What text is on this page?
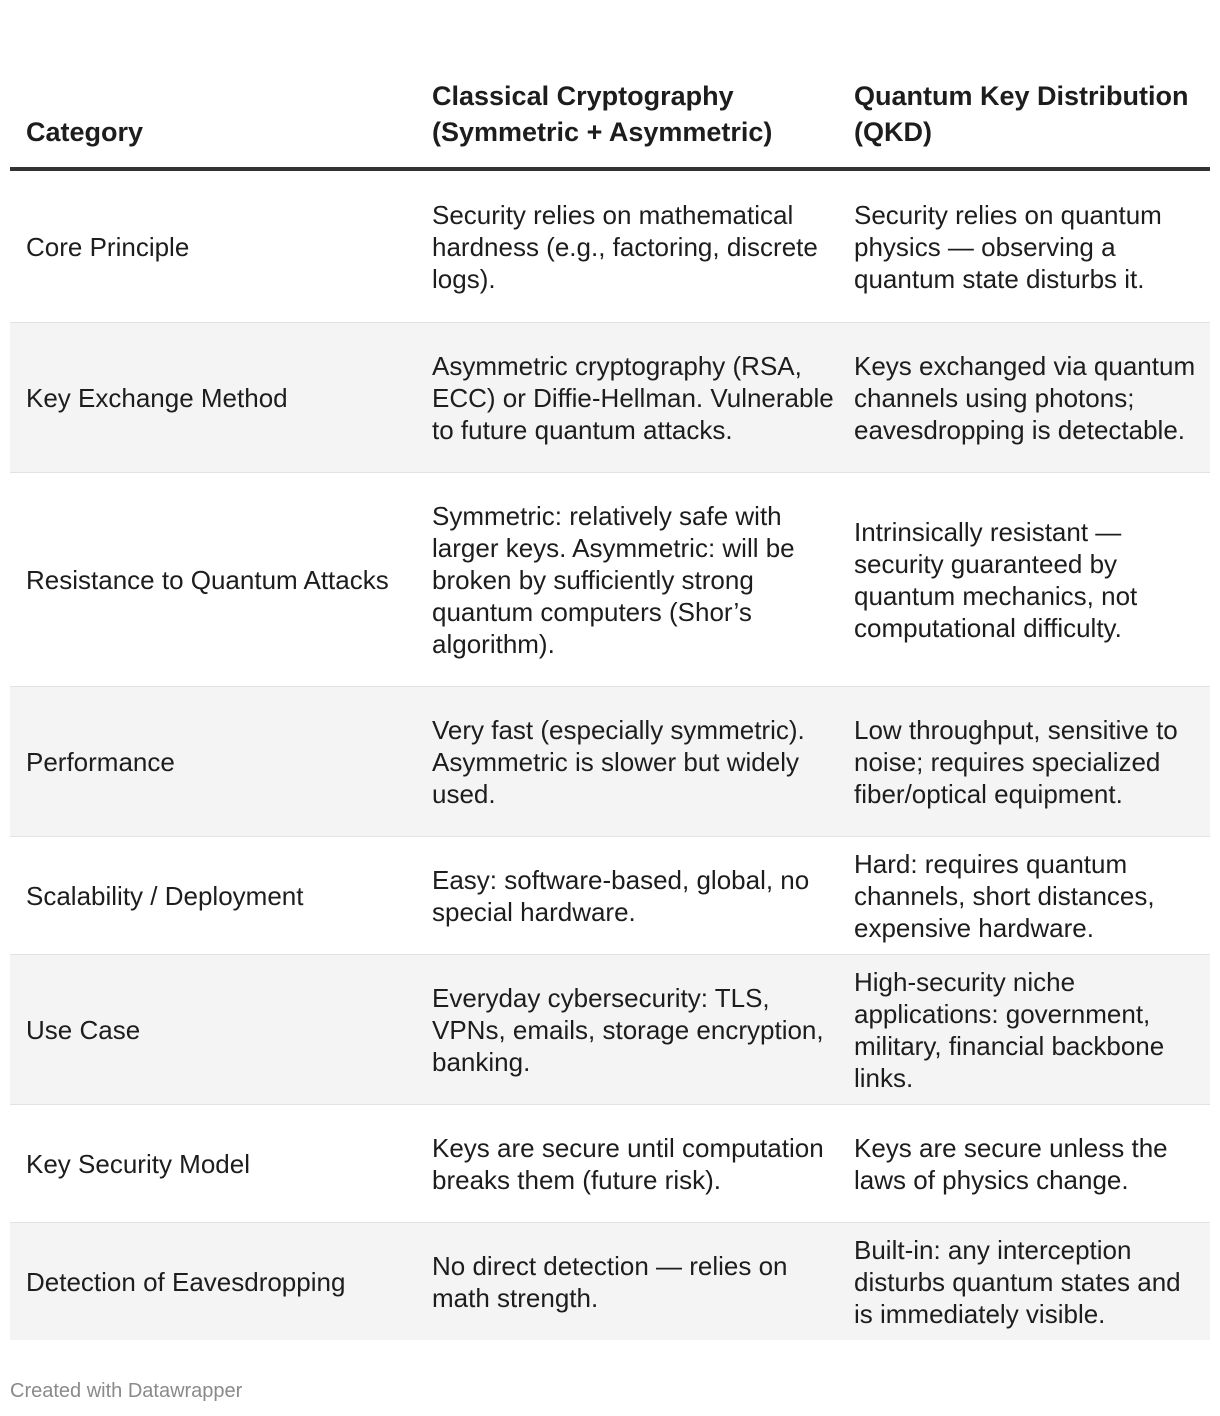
Category
Classical Cryptography (Symmetric + Asymmetric)
Quantum Key Distribution (QKD)
Core Principle
Security relies on mathematical hardness (e.g., factoring, discrete logs).
Security relies on quantum physics — observing a quantum state disturbs it.
Key Exchange Method
Asymmetric cryptography (RSA, ECC) or Diffie-Hellman. Vulnerable to future quantum attacks.
Keys exchanged via quantum channels using photons; eavesdropping is detectable.
Resistance to Quantum Attacks
Symmetric: relatively safe with larger keys. Asymmetric: will be broken by sufficiently strong quantum computers (Shor’s algorithm).
Intrinsically resistant — security guaranteed by quantum mechanics, not computational difficulty.
Performance
Very fast (especially symmetric). Asymmetric is slower but widely used.
Low throughput, sensitive to noise; requires specialized fiber/optical equipment.
Scalability / Deployment
Easy: software-based, global, no special hardware.
Hard: requires quantum channels, short distances, expensive hardware.
Use Case
Everyday cybersecurity: TLS, VPNs, emails, storage encryption, banking.
High-security niche applications: government, military, financial backbone links.
Key Security Model
Keys are secure until computation breaks them (future risk).
Keys are secure unless the laws of physics change.
Detection of Eavesdropping
No direct detection — relies on math strength.
Built-in: any interception disturbs quantum states and is immediately visible.
Created with Datawrapper
